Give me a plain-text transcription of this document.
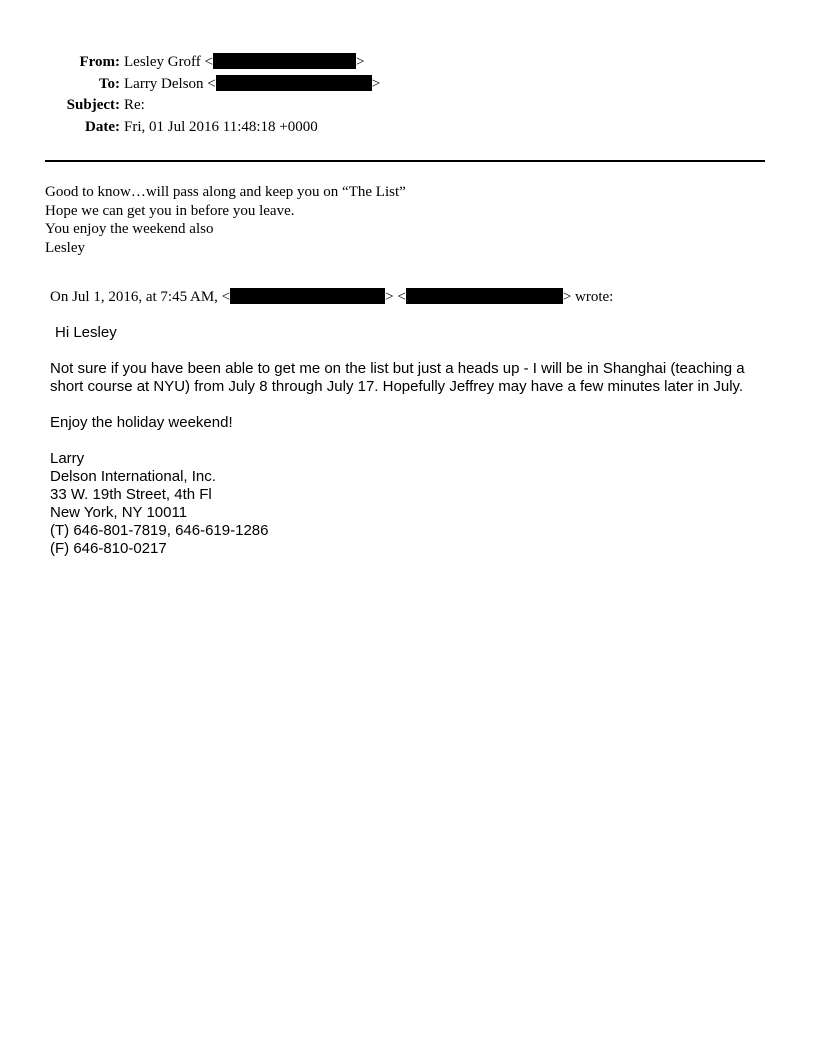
From: Lesley Groff <	>
To: Larry Delson <	>
Subject: Re:
Date: Fri, 01 Jul 2016 11:48:18 +0000
Good to know…will pass along and keep you on “The List”
Hope we can get you in before you leave.
You enjoy the weekend also
Lesley
On Jul 1, 2016, at 7:45 AM, <	> <	> wrote:
Hi Lesley
Not sure if you have been able to get me on the list but just a heads up - I will be in Shanghai (teaching a short course at NYU) from July 8 through July 17. Hopefully Jeffrey may have a few minutes later in July.
Enjoy the holiday weekend!
Larry
Delson International, Inc.
33 W. 19th Street, 4th Fl
New York, NY 10011
(T) 646-801-7819, 646-619-1286
(F) 646-810-0217
